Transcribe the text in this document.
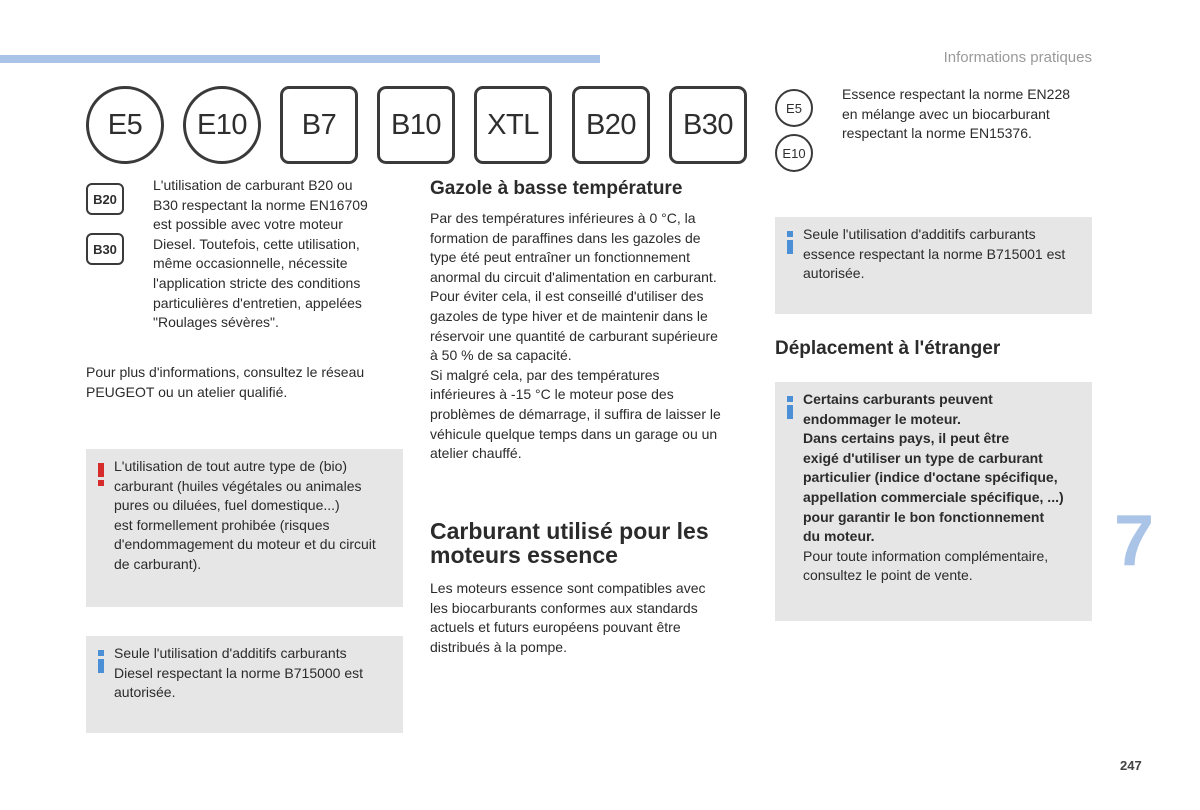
Informations pratiques
E5	E10	B7	B10	XTL	B20	B30
B20
B30

L'utilisation de carburant B20 ou

B30 respectant la norme EN16709

est possible avec votre moteur

Diesel. Toutefois, cette utilisation,

même occasionnelle, nécessite

l'application stricte des conditions

particulières d'entretien, appelées

"Roulages sévères".

Pour plus d'informations, consultez le réseau

PEUGEOT ou un atelier qualifié.

L'utilisation de tout autre type de (bio)

carburant (huiles végétales ou animales

pures ou diluées, fuel domestique...)

est formellement prohibée (risques

d'endommagement du moteur et du circuit

de carburant).

Seule l'utilisation d'additifs carburants

Diesel respectant la norme B715000 est

autorisée.

Gazole à basse température

Par des températures inférieures à 0 °C, la

formation de paraffines dans les gazoles de

type été peut entraîner un fonctionnement

anormal du circuit d'alimentation en carburant.

Pour éviter cela, il est conseillé d'utiliser des

gazoles de type hiver et de maintenir dans le

réservoir une quantité de carburant supérieure

à 50 % de sa capacité.

Si malgré cela, par des températures

inférieures à -15 °C le moteur pose des

problèmes de démarrage, il suffira de laisser le

véhicule quelque temps dans un garage ou un

atelier chauffé.

Carburant utilisé pour les

moteurs essence

Les moteurs essence sont compatibles avec

les biocarburants conformes aux standards

actuels et futurs européens pouvant être

distribués à la pompe.

E5
E10

Essence respectant la norme EN228

en mélange avec un biocarburant

respectant la norme EN15376.

Seule l'utilisation d'additifs carburants

essence respectant la norme B715001 est

autorisée.

Déplacement à l'étranger

Certains carburants peuvent

endommager le moteur.

Dans certains pays, il peut être

exigé d'utiliser un type de carburant

particulier (indice d'octane spécifique,

appellation commerciale spécifique, ...)

pour garantir le bon fonctionnement

du moteur.

Pour toute information complémentaire,

consultez le point de vente.	7
247
